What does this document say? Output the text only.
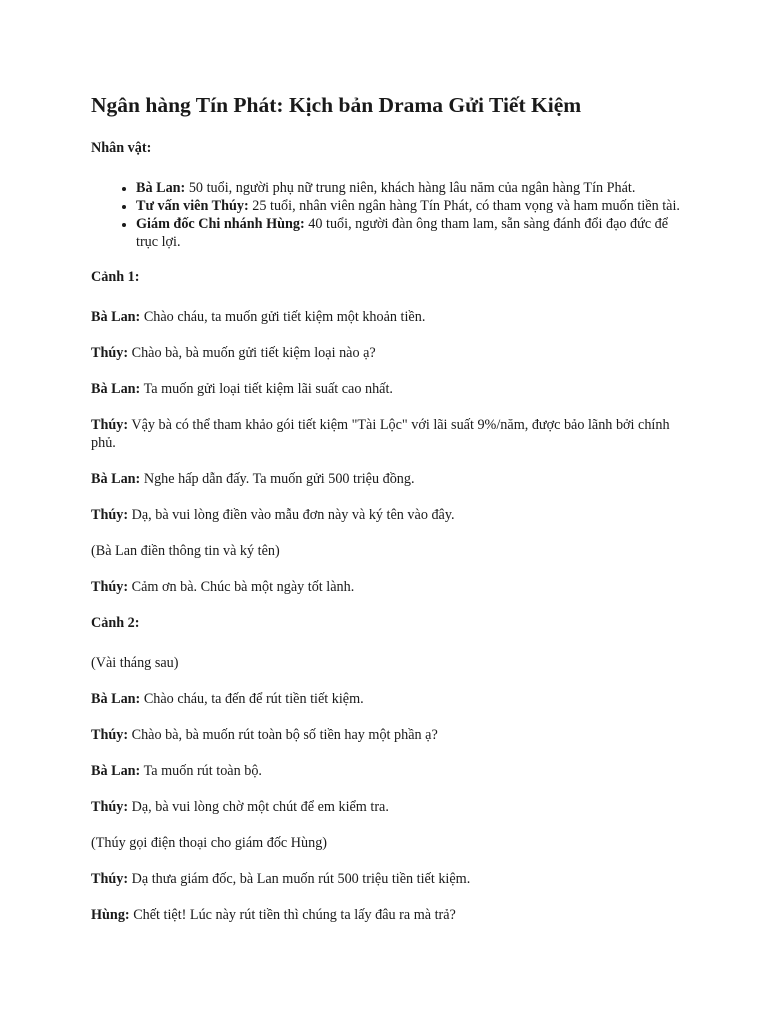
Ngân hàng Tín Phát: Kịch bản Drama Gửi Tiết Kiệm

Nhân vật:

• Bà Lan: 50 tuổi, người phụ nữ trung niên, khách hàng lâu năm của ngân hàng Tín Phát.
• Tư vấn viên Thúy: 25 tuổi, nhân viên ngân hàng Tín Phát, có tham vọng và ham muốn tiền tài.
• Giám đốc Chi nhánh Hùng: 40 tuổi, người đàn ông tham lam, sẵn sàng đánh đổi đạo đức để trục lợi.

Cảnh 1:

Bà Lan: Chào cháu, ta muốn gửi tiết kiệm một khoản tiền.

Thúy: Chào bà, bà muốn gửi tiết kiệm loại nào ạ?

Bà Lan: Ta muốn gửi loại tiết kiệm lãi suất cao nhất.

Thúy: Vậy bà có thể tham khảo gói tiết kiệm "Tài Lộc" với lãi suất 9%/năm, được bảo lãnh bởi chính phủ.

Bà Lan: Nghe hấp dẫn đấy. Ta muốn gửi 500 triệu đồng.

Thúy: Dạ, bà vui lòng điền vào mẫu đơn này và ký tên vào đây.

(Bà Lan điền thông tin và ký tên)

Thúy: Cảm ơn bà. Chúc bà một ngày tốt lành.

Cảnh 2:

(Vài tháng sau)

Bà Lan: Chào cháu, ta đến để rút tiền tiết kiệm.

Thúy: Chào bà, bà muốn rút toàn bộ số tiền hay một phần ạ?

Bà Lan: Ta muốn rút toàn bộ.

Thúy: Dạ, bà vui lòng chờ một chút để em kiểm tra.

(Thúy gọi điện thoại cho giám đốc Hùng)

Thúy: Dạ thưa giám đốc, bà Lan muốn rút 500 triệu tiền tiết kiệm.

Hùng: Chết tiệt! Lúc này rút tiền thì chúng ta lấy đâu ra mà trả?
